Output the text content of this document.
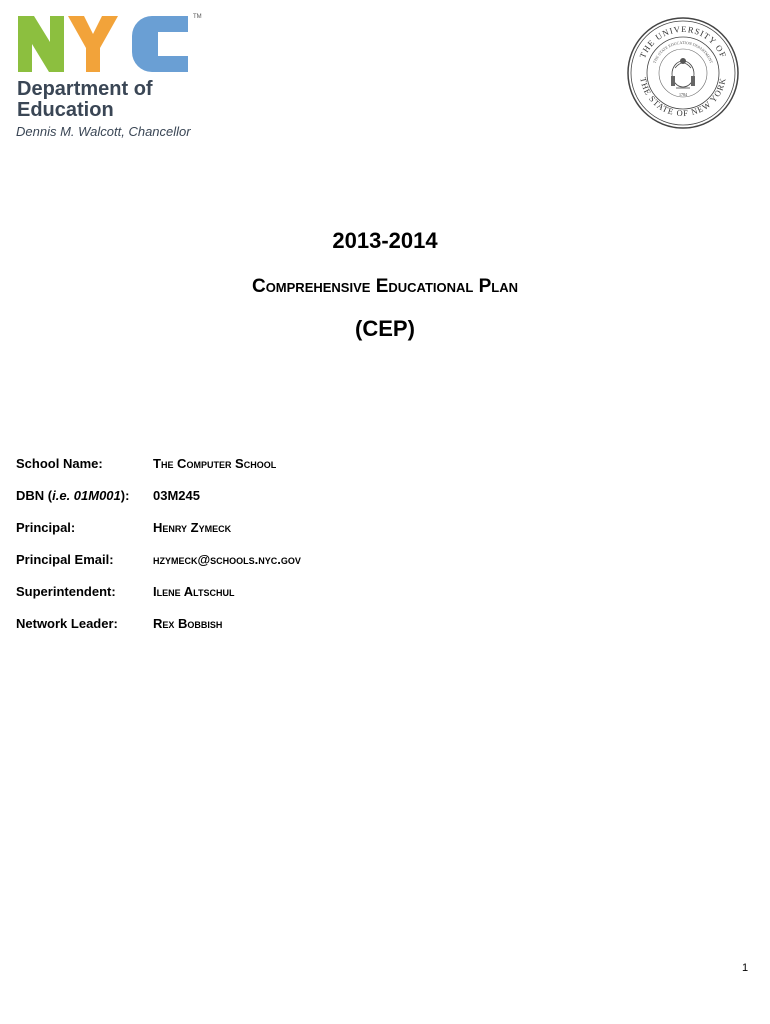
TM
Department of
Education
Dennis M. Walcott, Chancellor
THE UNIVERSITY OF
THE STATE OF NEW YORK
THE STATE EDUCATION DEPARTMENT
1784
2013-2014
Comprehensive Educational Plan
(CEP)
School Name:	The Computer School
DBN (i.e. 01M001): 03M245
Principal:	Henry Zymeck
Principal Email:	hzymeck@schools.nyc.gov
Superintendent:	Ilene Altschul
Network Leader:	Rex Bobbish
1
